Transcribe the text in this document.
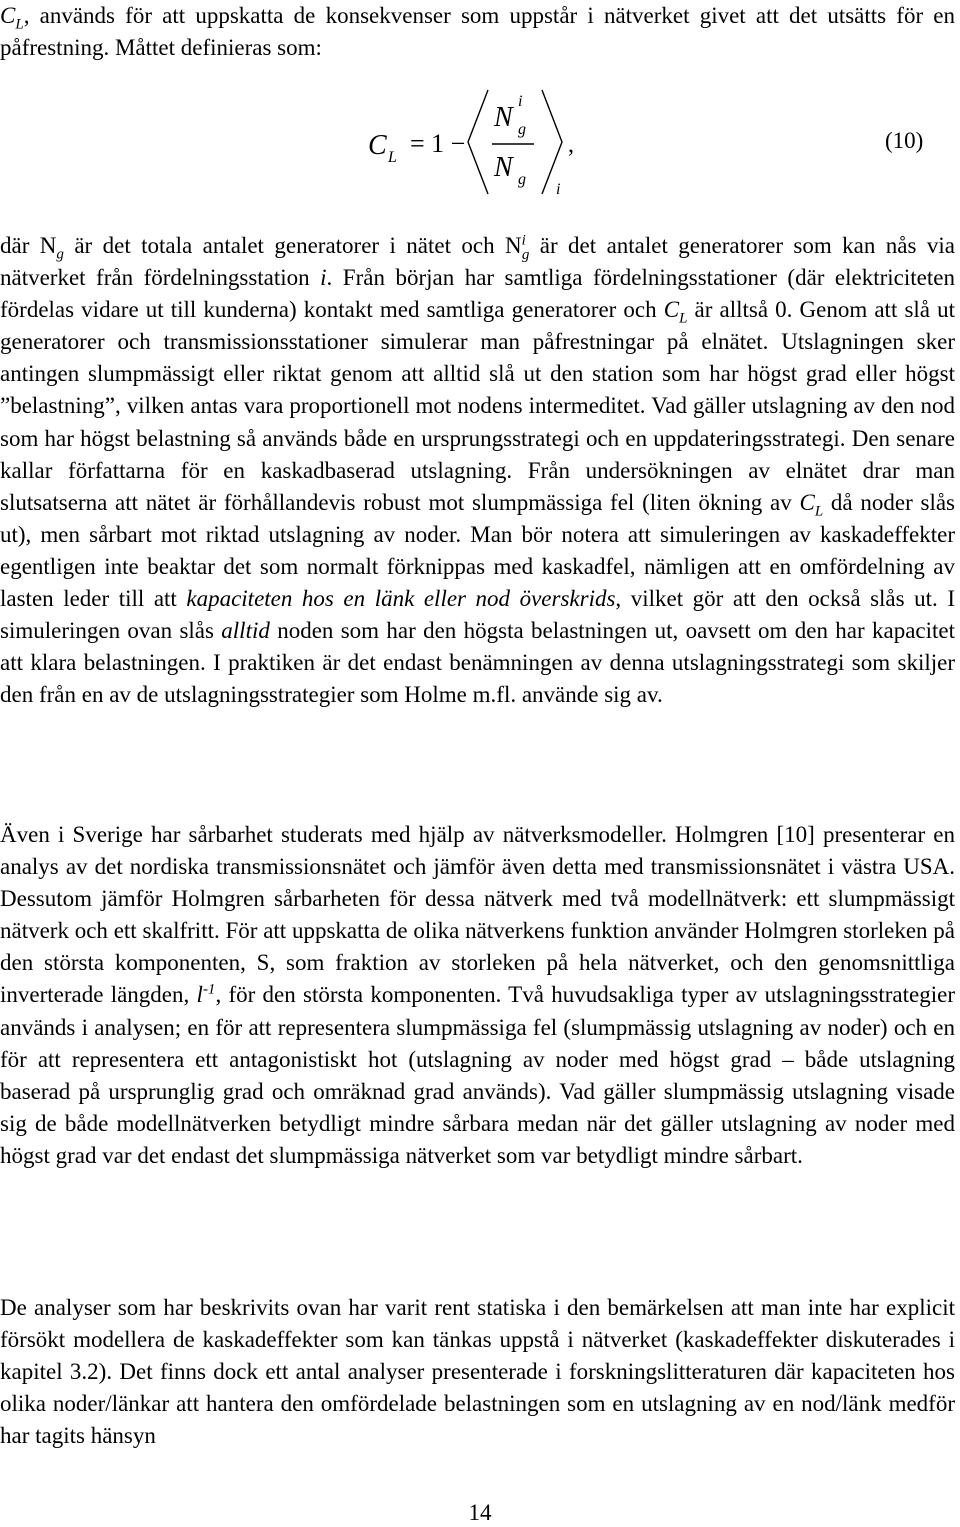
$C_L$, används för att uppskatta de konsekvenser som uppstår i nätverket givet att det utsätts för en påfrestning. Måttet definieras som:

C L = 1 −
N
i
g
N g
i
,	(10)

där $N_g$ är det totala antalet generatorer i nätet och $N^i_g$ är det antalet generatorer som kan nås via nätverket från fördelningsstation i. Från början har samtliga fördelningsstationer (där elektriciteten fördelas vidare ut till kunderna) kontakt med samtliga generatorer och $C_L$ är alltså 0. Genom att slå ut generatorer och transmissionsstationer simulerar man påfrestningar på elnätet. Utslagningen sker antingen slumpmässigt eller riktat genom att alltid slå ut den station som har högst grad eller högst ”belastning”, vilken antas vara proportionell mot nodens intermeditet. Vad gäller utslagning av den nod som har högst belastning så används både en ursprungsstrategi och en uppdateringsstrategi. Den senare kallar författarna för en kaskadbaserad utslagning. Från undersökningen av elnätet drar man slutsatserna att nätet är förhållandevis robust mot slumpmässiga fel (liten ökning av $C_L$ då noder slås ut), men sårbart mot riktad utslagning av noder. Man bör notera att simuleringen av kaskadeffekter egentligen inte beaktar det som normalt förknippas med kaskadfel, nämligen att en omfördelning av lasten leder till att kapaciteten hos en länk eller nod överskrids, vilket gör att den också slås ut. I simuleringen ovan slås alltid noden som har den högsta belastningen ut, oavsett om den har kapacitet att klara belastningen. I praktiken är det endast benämningen av denna utslagningsstrategi som skiljer den från en av de utslagningsstrategier som Holme m.fl. använde sig av.

Även i Sverige har sårbarhet studerats med hjälp av nätverksmodeller. Holmgren [10] presenterar en analys av det nordiska transmissionsnätet och jämför även detta med transmissionsnätet i västra USA. Dessutom jämför Holmgren sårbarheten för dessa nätverk med två modellnätverk: ett slumpmässigt nätverk och ett skalfritt. För att uppskatta de olika nätverkens funktion använder Holmgren storleken på den största komponenten, S, som fraktion av storleken på hela nätverket, och den genomsnittliga inverterade längden, $l^{-1}$, för den största komponenten. Två huvudsakliga typer av utslagningsstrategier används i analysen; en för att representera slumpmässiga fel (slumpmässig utslagning av noder) och en för att representera ett antagonistiskt hot (utslagning av noder med högst grad – både utslagning baserad på ursprunglig grad och omräknad grad används). Vad gäller slumpmässig utslagning visade sig de både modellnätverken betydligt mindre sårbara medan när det gäller utslagning av noder med högst grad var det endast det slumpmässiga nätverket som var betydligt mindre sårbart.

De analyser som har beskrivits ovan har varit rent statiska i den bemärkelsen att man inte har explicit försökt modellera de kaskadeffekter som kan tänkas uppstå i nätverket (kaskadeffekter diskuterades i kapitel 3.2). Det finns dock ett antal analyser presenterade i forskningslitteraturen där kapaciteten hos olika noder/länkar att hantera den omfördelade belastningen som en utslagning av en nod/länk medför har tagits hänsyn

14
